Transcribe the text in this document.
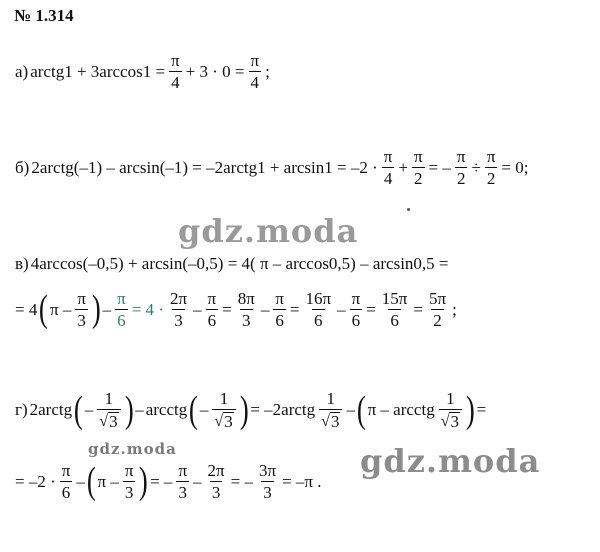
№ 1.314
а) arctg1 + $3\arccos 1 = \frac{\pi}{4} + 3 \cdot 0 = \frac{\pi}{4}$ ;
б) 2arctg(–1) – arcsin(–1) = –2arctg1 + $\arcsin 1 = -2 \cdot \frac{\pi}{4} + \frac{\pi}{2}$ = – $\frac{\pi}{2} \div \frac{\pi}{2} = 0$;
в) 4arccos(–0,5) + arcsin(–0,5) = 4( π – arccos0,5) – arcsin0,5 =
= 4 ( π – $\frac{\pi}{3}$ ) – $\frac{\pi}{6} = 4 \cdot \frac{2\pi}{3} - \frac{\pi}{6} = \frac{8\pi}{3} - \frac{\pi}{6} = \frac{16\pi}{6} - \frac{\pi}{6} = \frac{15\pi}{6} = \frac{5\pi}{2}$ ;
г) 2arctg ( – $\frac{1}{√ 3}$ ) – arcctg ( – $\frac{1}{√ 3}$ ) = –2arctg $\frac{1}{√ 3}$ – ( π – arcctg $\frac{1}{√ 3}$ ) =
= $-2 \cdot \frac{\pi}{6}$ – ( π – $\frac{\pi}{3}$ ) = – $\frac{\pi}{3} - \frac{2\pi}{3}$ = – $\frac{3\pi}{3} = -\pi$ .
gdz.moda
gdz.moda	gdz.moda
